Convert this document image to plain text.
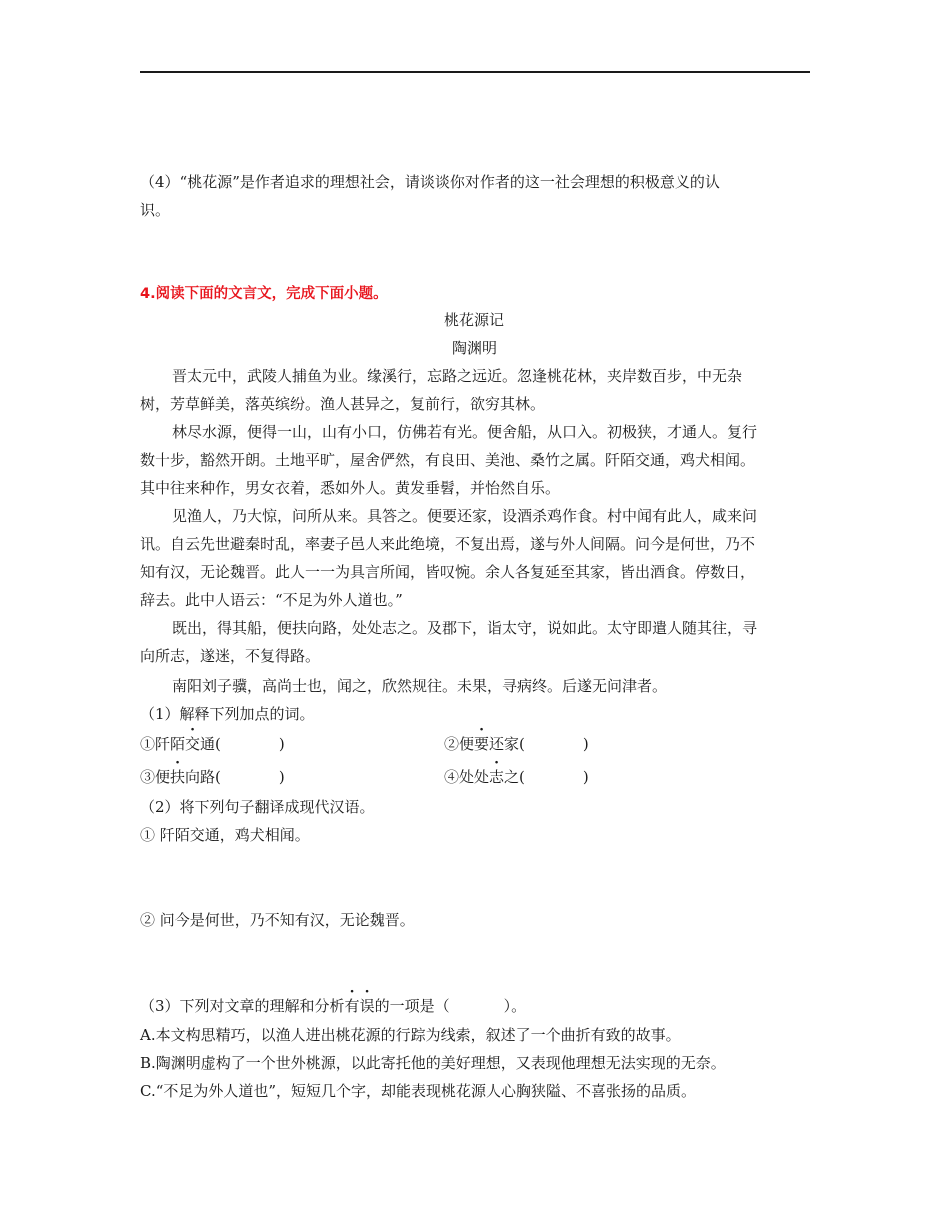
（4）“桃花源”是作者追求的理想社会，请谈谈你对作者的这一社会理想的积极意义的认
识。
4.阅读下面的文言文，完成下面小题。
桃花源记
陶渊明
晋太元中，武陵人捕鱼为业。缘溪行，忘路之远近。忽逢桃花林，夹岸数百步，中无杂
树，芳草鲜美，落英缤纷。渔人甚异之，复前行，欲穷其林。
林尽水源，便得一山，山有小口，仿佛若有光。便舍船，从口入。初极狭，才通人。复行
数十步，豁然开朗。土地平旷，屋舍俨然，有良田、美池、桑竹之属。阡陌交通，鸡犬相闻。
其中往来种作，男女衣着，悉如外人。黄发垂髫，并怡然自乐。
见渔人，乃大惊，问所从来。具答之。便要还家，设酒杀鸡作食。村中闻有此人，咸来问
讯。自云先世避秦时乱，率妻子邑人来此绝境，不复出焉，遂与外人间隔。问今是何世，乃不
知有汉，无论魏晋。此人一一为具言所闻，皆叹惋。余人各复延至其家，皆出酒食。停数日，
辞去。此中人语云：“不足为外人道也。”
既出，得其船，便扶向路，处处志之。及郡下，诣太守，说如此。太守即遣人随其往，寻
向所志，遂迷，不复得路。
南阳刘子骥，高尚士也，闻之，欣然规往。未果，寻病终。后遂无问津者。
（1）解释下列加点的词。
①阡陌交通(	)	②便要还家(	)
③便扶向路(	)	④处处志之(	)
（2）将下列句子翻译成现代汉语。
① 阡陌交通，鸡犬相闻。
② 问今是何世，乃不知有汉，无论魏晋。
（3）下列对文章的理解和分析有误的一项是（	）。
A.本文构思精巧，以渔人进出桃花源的行踪为线索，叙述了一个曲折有致的故事。
B.陶渊明虚构了一个世外桃源，以此寄托他的美好理想，又表现他理想无法实现的无奈。
C.“不足为外人道也”，短短几个字，却能表现桃花源人心胸狭隘、不喜张扬的品质。
